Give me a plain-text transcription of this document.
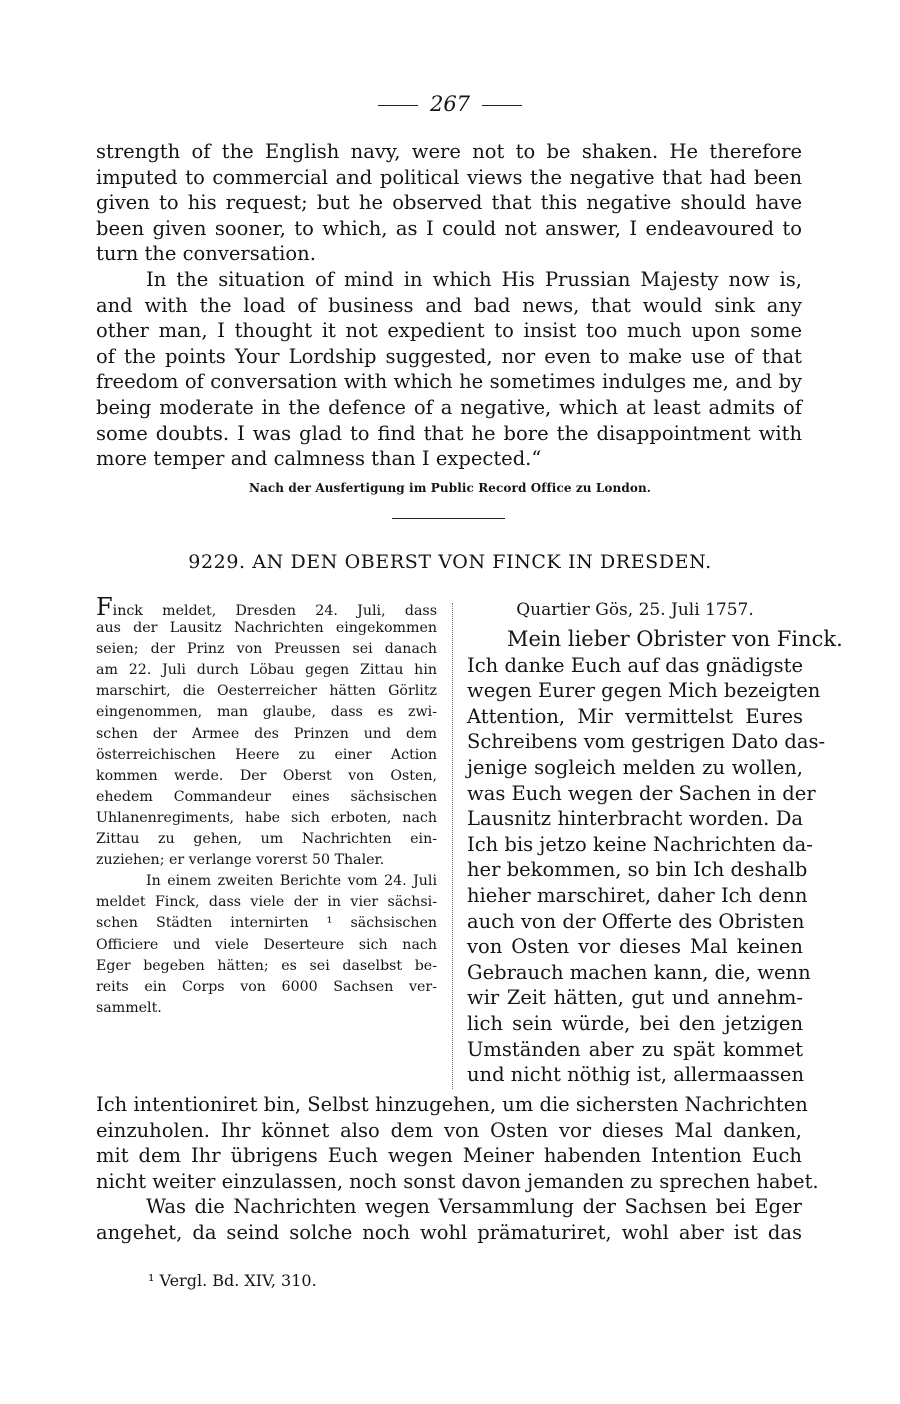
267
strength of the English navy, were not to be shaken. He therefore
imputed to commercial and political views the negative that had been
given to his request; but he observed that this negative should have
been given sooner, to which, as I could not answer, I endeavoured to
turn the conversation.
In the situation of mind in which His Prussian Majesty now is,
and with the load of business and bad news, that would sink any
other man, I thought it not expedient to insist too much upon some
of the points Your Lordship suggested, nor even to make use of that
freedom of conversation with which he sometimes indulges me, and by
being moderate in the defence of a negative, which at least admits of
some doubts. I was glad to find that he bore the disappointment with
more temper and calmness than I expected.“
Nach der Ausfertigung im Public Record Office zu London.
9229. AN DEN OBERST VON FINCK IN DRESDEN.
Finck meldet, Dresden 24. Juli, dass
aus der Lausitz Nachrichten eingekommen
seien; der Prinz von Preussen sei danach
am 22. Juli durch Löbau gegen Zittau hin
marschirt, die Oesterreicher hätten Görlitz
eingenommen, man glaube, dass es zwi-
schen der Armee des Prinzen und dem
österreichischen Heere zu einer Action
kommen werde. Der Oberst von Osten,
ehedem Commandeur eines sächsischen
Uhlanenregiments, habe sich erboten, nach
Zittau zu gehen, um Nachrichten ein-
zuziehen; er verlange vorerst 50 Thaler.
In einem zweiten Berichte vom 24. Juli
meldet Finck, dass viele der in vier sächsi-
schen Städten internirten ¹ sächsischen
Officiere und viele Deserteure sich nach
Eger begeben hätten; es sei daselbst be-
reits ein Corps von 6000 Sachsen ver-
sammelt.
Quartier Gös, 25. Juli 1757.
Mein lieber Obrister von Finck.
Ich danke Euch auf das gnädigste
wegen Eurer gegen Mich bezeigten
Attention, Mir vermittelst Eures
Schreibens vom gestrigen Dato das-
jenige sogleich melden zu wollen,
was Euch wegen der Sachen in der
Lausnitz hinterbracht worden. Da
Ich bis jetzo keine Nachrichten da-
her bekommen, so bin Ich deshalb
hieher marschiret, daher Ich denn
auch von der Offerte des Obristen
von Osten vor dieses Mal keinen
Gebrauch machen kann, die, wenn
wir Zeit hätten, gut und annehm-
lich sein würde, bei den jetzigen
Umständen aber zu spät kommet
und nicht nöthig ist, allermaassen
Ich intentioniret bin, Selbst hinzugehen, um die sichersten Nachrichten
einzuholen. Ihr könnet also dem von Osten vor dieses Mal danken,
mit dem Ihr übrigens Euch wegen Meiner habenden Intention Euch
nicht weiter einzulassen, noch sonst davon jemanden zu sprechen habet.
Was die Nachrichten wegen Versammlung der Sachsen bei Eger
angehet, da seind solche noch wohl prämaturiret, wohl aber ist das
¹ Vergl. Bd. XIV, 310.
